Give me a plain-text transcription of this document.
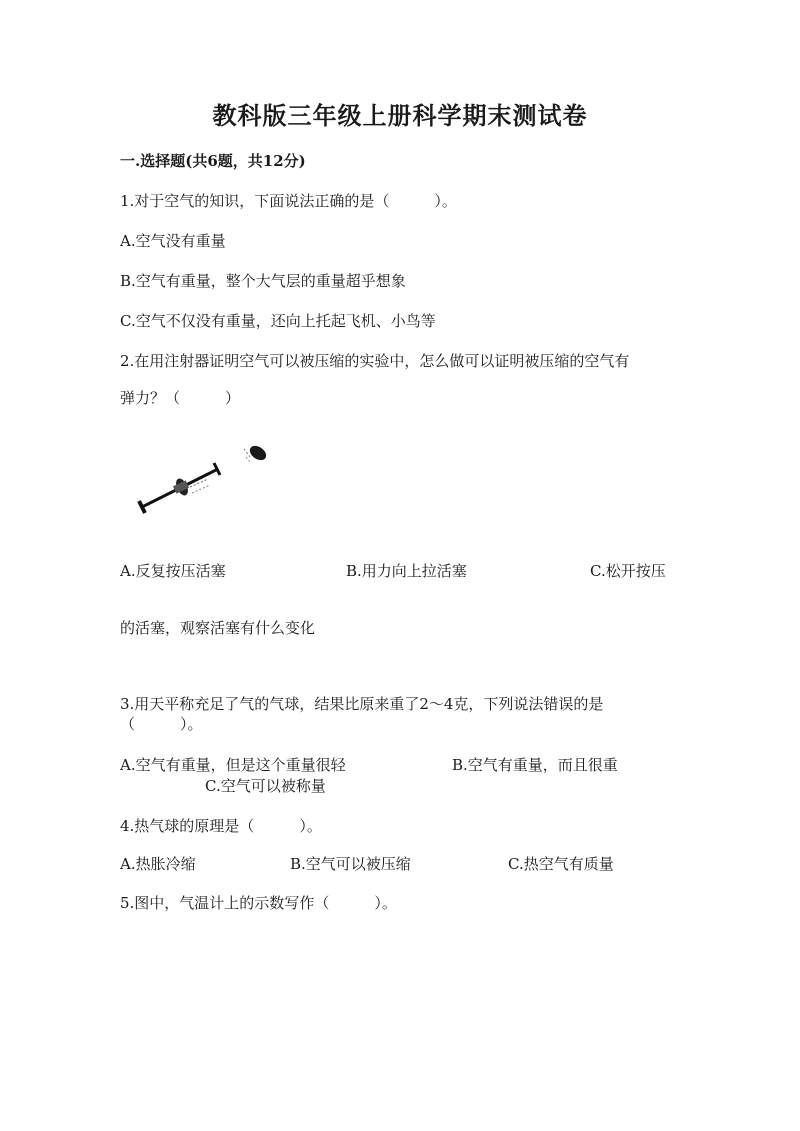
教科版三年级上册科学期末测试卷
一.选择题(共6题，共12分)
1.对于空气的知识，下面说法正确的是（　　　）。
A.空气没有重量
B.空气有重量，整个大气层的重量超乎想象
C.空气不仅没有重量，还向上托起飞机、小鸟等
2.在用注射器证明空气可以被压缩的实验中，怎么做可以证明被压缩的空气有
弹力？（　　　）
A.反复按压活塞	B.用力向上拉活塞	C.松开按压
的活塞，观察活塞有什么变化
3.用天平称充足了气的气球，结果比原来重了2～4克，下列说法错误的是
（　　　）。
A.空气有重量，但是这个重量很轻	B.空气有重量，而且很重
C.空气可以被称量
4.热气球的原理是（　　　）。
A.热胀冷缩	B.空气可以被压缩	C.热空气有质量
5.图中，气温计上的示数写作（　　　）。
